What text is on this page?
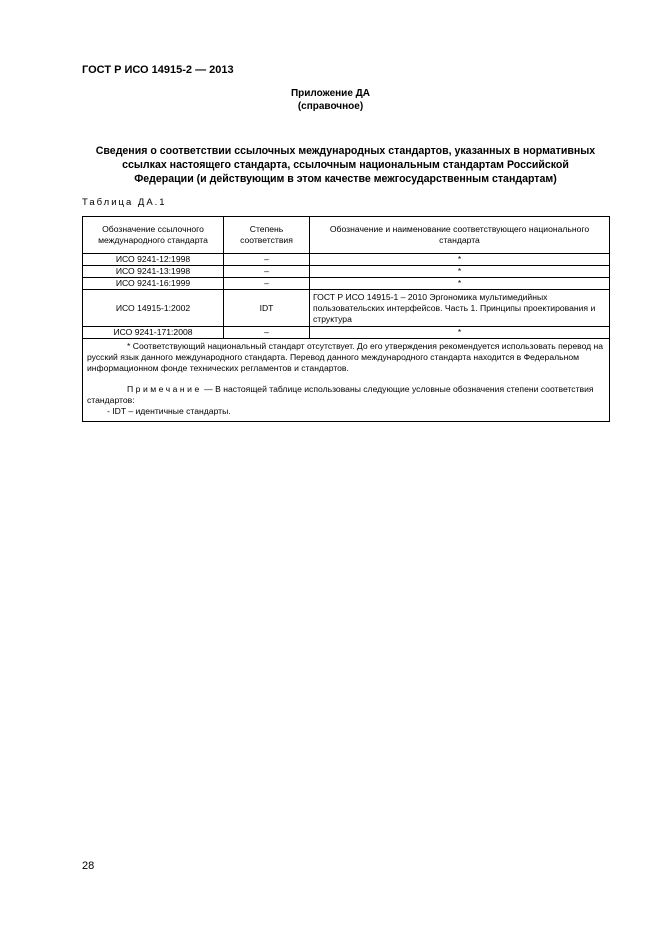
ГОСТ Р ИСО 14915-2 — 2013
Приложение ДА
(справочное)
Сведения о соответствии ссылочных международных стандартов, указанных в нормативных
ссылках настоящего стандарта, ссылочным национальным стандартам Российской
Федерации (и действующим в этом качестве межгосударственным стандартам)
Таблица ДА.1
Обозначение ссылочного международного стандарта	Степень соответствия	Обозначение и наименование соответствующего национального стандарта
ИСО 9241-12:1998	–	*
ИСО 9241-13:1998	–	*
ИСО 9241-16:1999	–	*
ИСО 14915-1:2002	IDT	ГОСТ Р ИСО 14915-1 – 2010 Эргономика мультимедийных пользовательских интерфейсов. Часть 1. Принципы проектирования и структура
ИСО 9241-171:2008	–	*

* Соответствующий национальный стандарт отсутствует. До его утверждения рекомендуется использовать перевод на русский язык данного международного стандарта. Перевод данного международного стандарта находится в Федеральном информационном фонде технических регламентов и стандартов.

Примечание — В настоящей таблице использованы следующие условные обозначения степени соответствия стандартов:

- IDT – идентичные стандарты.		

28
